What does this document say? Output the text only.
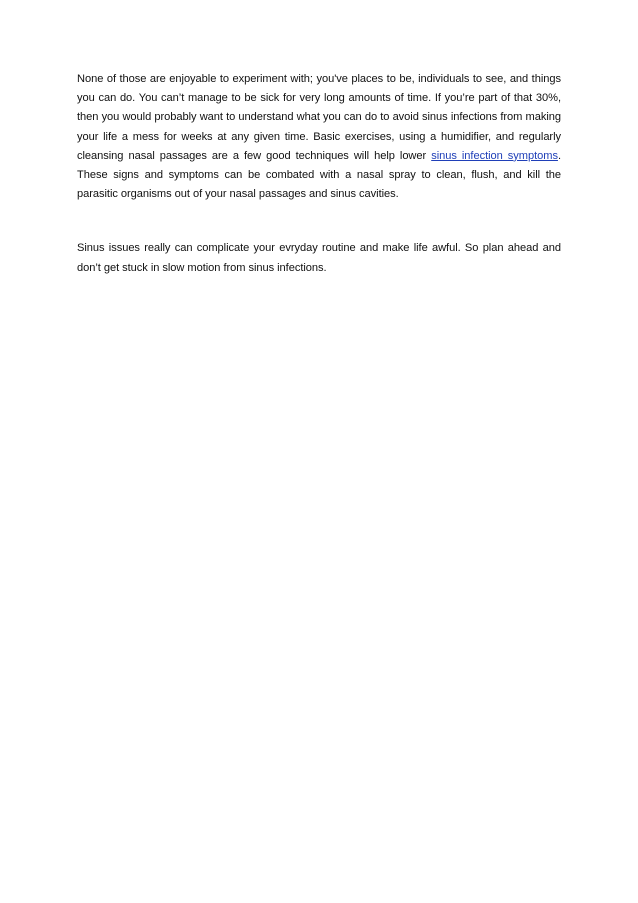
None of those are enjoyable to experiment with; you've places to be, individuals to see, and things you can do. You can’t manage to be sick for very long amounts of time. If you’re part of that 30%, then you would probably want to understand what you can do to avoid sinus infections from making your life a mess for weeks at any given time. Basic exercises, using a humidifier, and regularly cleansing nasal passages are a few good techniques will help lower sinus infection symptoms. These signs and symptoms can be combated with a nasal spray to clean, flush, and kill the parasitic organisms out of your nasal passages and sinus cavities.

Sinus issues really can complicate your evryday routine and make life awful. So plan ahead and don’t get stuck in slow motion from sinus infections.
